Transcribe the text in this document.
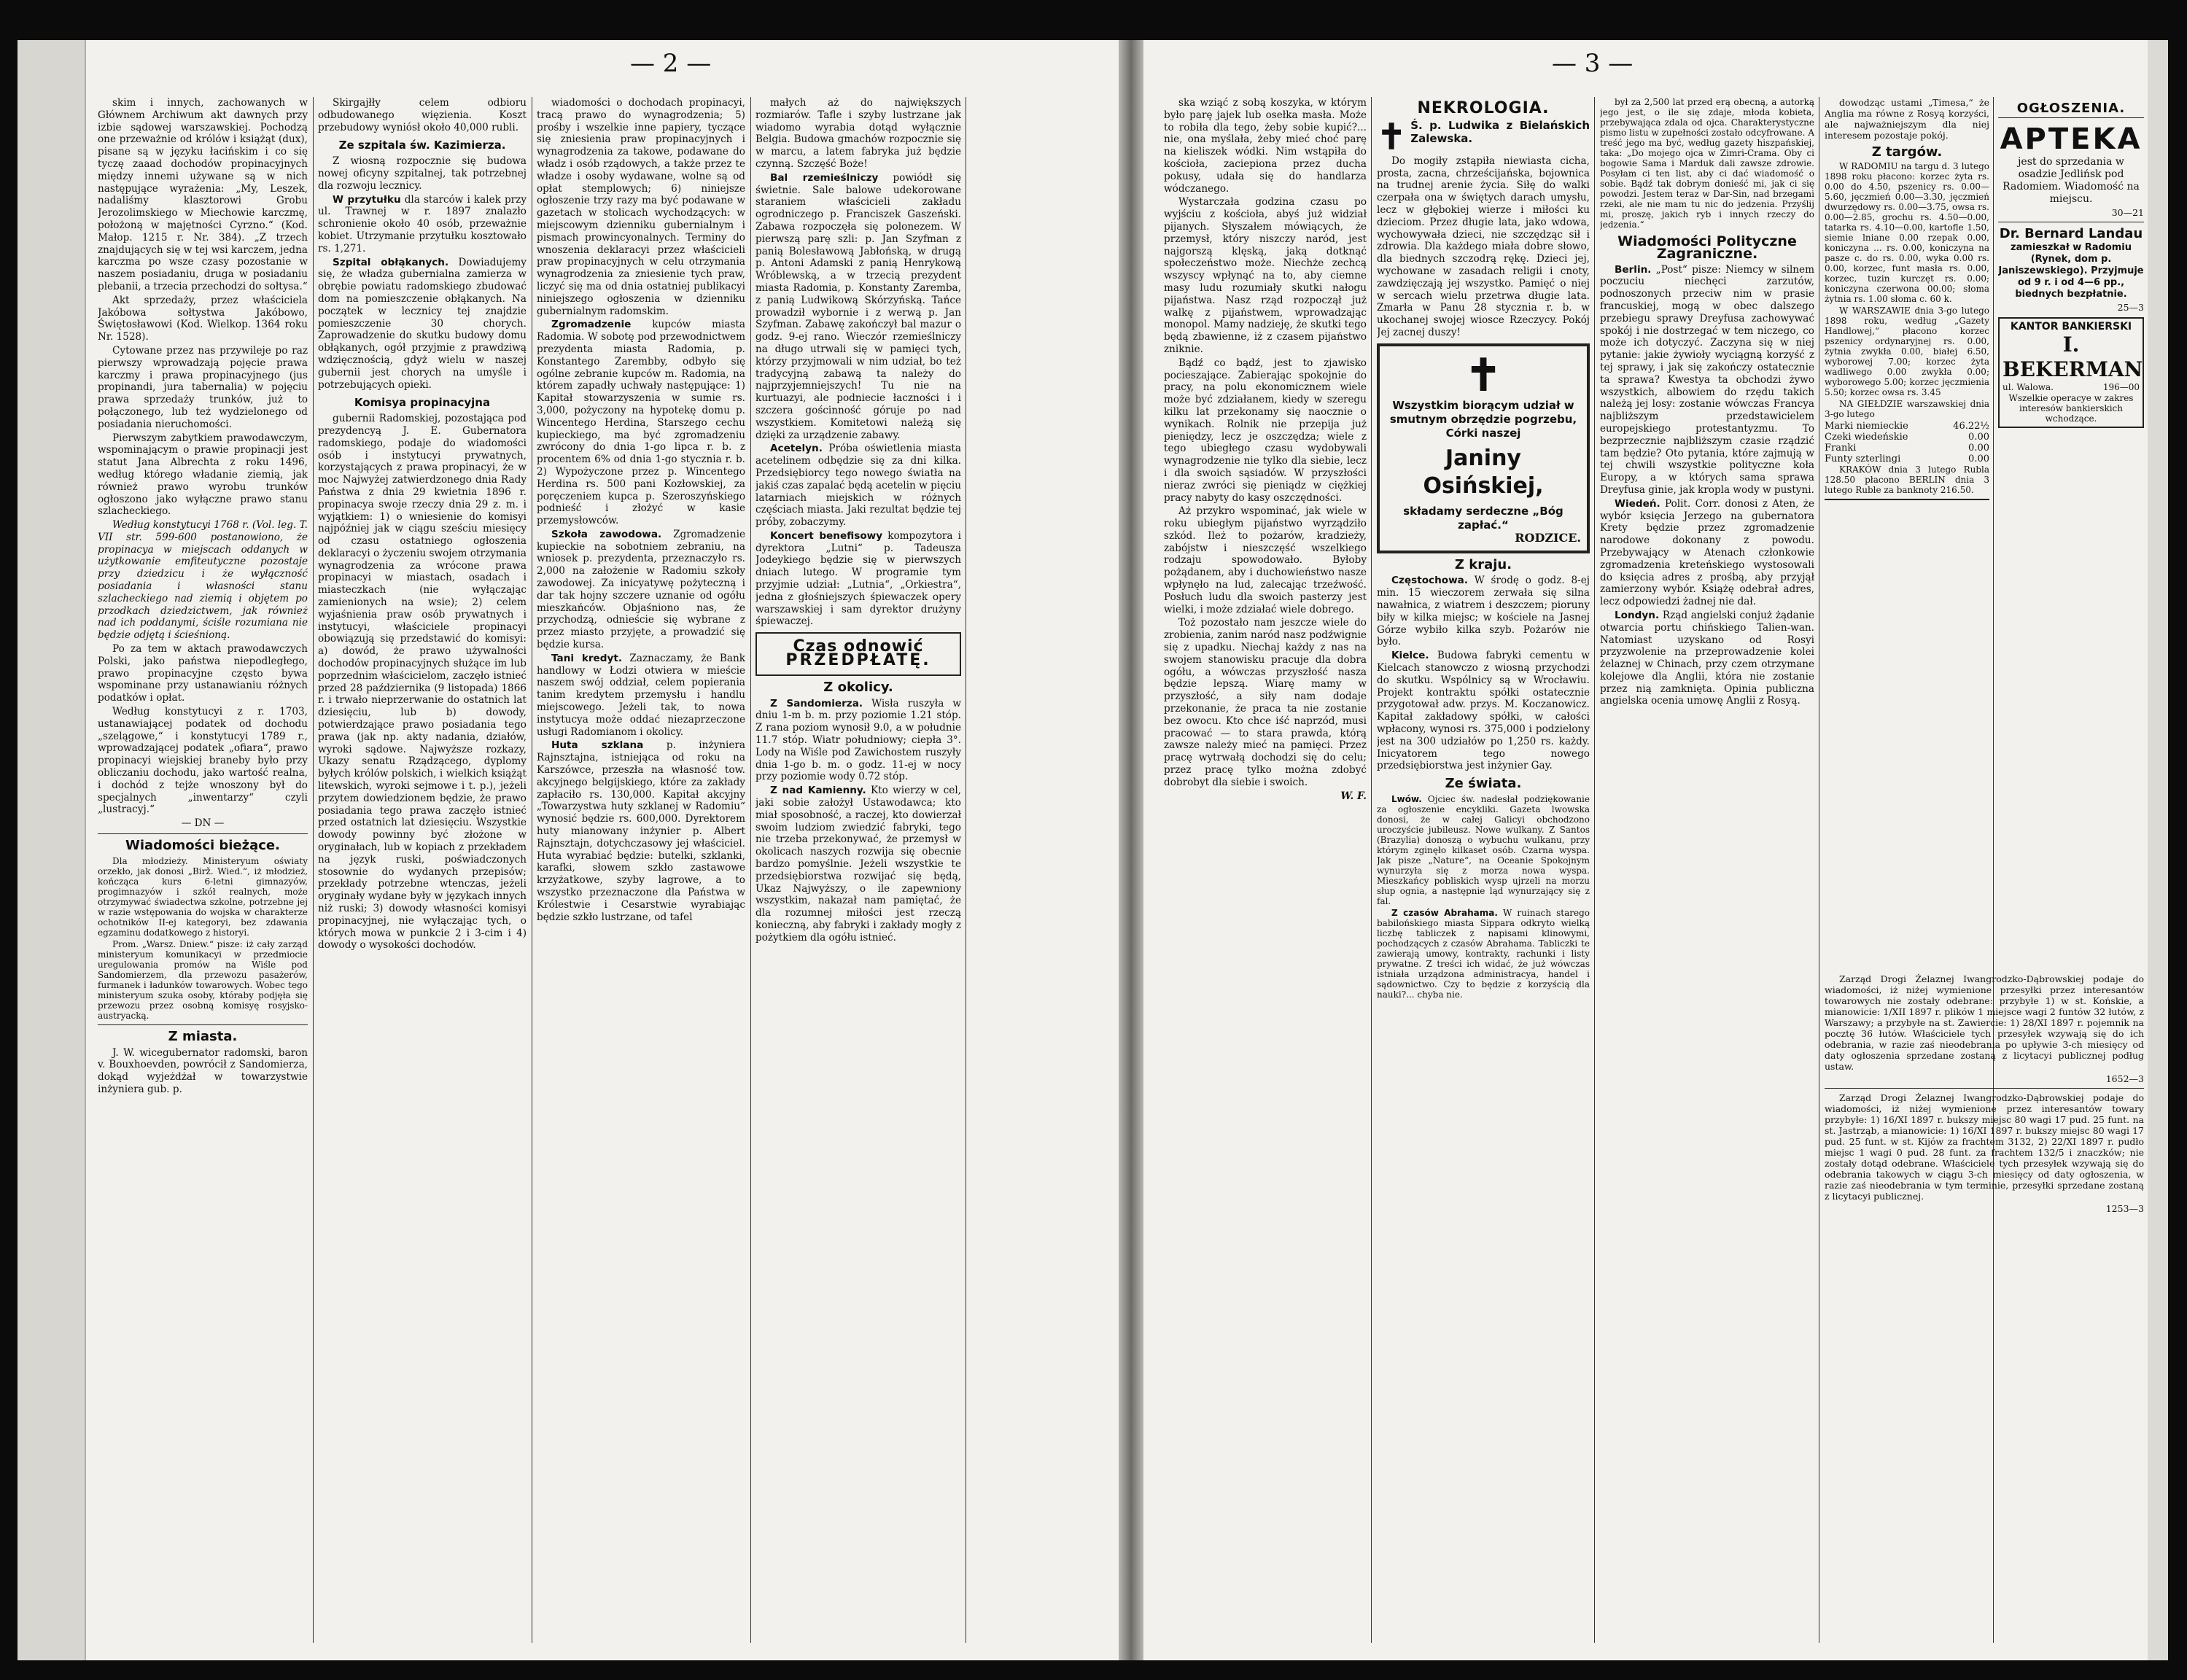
— 2 —

skim i innych, zachowanych w Głównem Archiwum akt dawnych przy izbie sądowej warszawskiej. Pochodzą one przeważnie od królów i książąt (dux), pisane są w języku łacińskim i co się tyczę zaaad dochodów propinacyjnych między innemi używane są w nich następujące wyrażenia: „My, Leszek, nadaliśmy klasztorowi Grobu Jerozolimskiego w Miechowie karczmę, położoną w majętności Cyrzno.“ (Kod. Małop. 1215 r. Nr. 384). „Z trzech znajdujących się w tej wsi karczem, jedna karczma po wsze czasy pozostanie w naszem posiadaniu, druga w posiadaniu plebanii, a trzecia przechodzi do sołtysa.“

Akt sprzedaży, przez właściciela Jakóbowa sołtystwa Jakóbowo, Świętosławowi (Kod. Wielkop. 1364 roku Nr. 1528).

Cytowane przez nas przywileje po raz pierwszy wprowadzają pojęcie prawa karczmy i prawa propinacyjnego (jus propinandi, jura tabernalia) w pojęciu prawa sprzedaży trunków, już to połączonego, lub też wydzielonego od posiadania nieruchomości.

Pierwszym zabytkiem prawodawczym, wspominającym o prawie propinacji jest statut Jana Albrechta z roku 1496, według którego władanie ziemią, jak również prawo wyrobu trunków ogłoszono jako wyłączne prawo stanu szlacheckiego.

Według konstytucyi 1768 r. (Vol. leg. T. VII str. 599-600 postanowiono, że propinacya w miejscach oddanych w użytkowanie emfiteutyczne pozostaje przy dziedzicu i że wyłączność posiadania i własności stanu szlacheckiego nad ziemią i objętem po przodkach dziedzictwem, jak również nad ich poddanymi, ściśle rozumiana nie będzie odjętą i ścieśnioną.

Po za tem w aktach prawodawczych Polski, jako państwa niepodległego, prawo propinacyjne często bywa wspominane przy ustanawianiu różnych podatków i opłat.

Według konstytucyi z r. 1703, ustanawiającej podatek od dochodu „szelągowe,“ i konstytucyi 1789 r., wprowadzającej podatek „ofiara“, prawo propinacyi wiejskiej braneby było przy obliczaniu dochodu, jako wartość realna, i dochód z tejże wnoszony był do specjalnych „inwentarzy“ czyli „lustracyj.“

— DN —

Wiadomości bieżące.

Dla młodzieży. Ministeryum oświaty orzekło, jak donosi „Birž. Wied.“, iż młodzież, kończąca kurs 6-letni gimnazyów, progimnazyów i szkół realnych, może otrzymywać świadectwa szkolne, potrzebne jej w razie wstępowania do wojska w charakterze ochotników II-ej kategoryi, bez zdawania egzaminu dodatkowego z historyi.

Prom. „Warsz. Dniew.“ pisze: iż cały zarząd ministeryum komunikacyi w przedmiocie uregulowania promów na Wiśle pod Sandomierzem, dla przewozu pasażerów, furmanek i ładunków towarowych. Wobec tego ministeryum szuka osoby, któraby podjęła się przewozu przez osobną komisyę rosyjsko-austryacką.

Z miasta.

J. W. wicegubernator radomski, baron v. Bouxhoevden, powrócił z Sandomierza, dokąd wyjeżdżał w towarzystwie inżyniera gub. p.

Skirgajłły celem odbioru odbudowanego więzienia. Koszt przebudowy wyniósł około 40,000 rubli.

Ze szpitala św. Kazimierza.

Z wiosną rozpocznie się budowa nowej oficyny szpitalnej, tak potrzebnej dla rozwoju lecznicy.

W przytułku dla starców i kalek przy ul. Trawnej w r. 1897 znalazło schronienie około 40 osób, przeważnie kobiet. Utrzymanie przytułku kosztowało rs. 1,271.

Szpital obłąkanych. Dowiadujemy się, że władza gubernialna zamierza w obrębie powiatu radomskiego zbudować dom na pomieszczenie obłąkanych. Na początek w lecznicy tej znajdzie pomieszczenie 30 chorych. Zaprowadzenie do skutku budowy domu obłąkanych, ogół przyjmie z prawdziwą wdzięcznością, gdyż wielu w naszej gubernii jest chorych na umyśle i potrzebujących opieki.

Komisya propinacyjna

gubernii Radomskiej, pozostająca pod prezydencyą J. E. Gubernatora radomskiego, podaje do wiadomości osób i instytucyi prywatnych, korzystających z prawa propinacyi, że w moc Najwyżej zatwierdzonego dnia Rady Państwa z dnia 29 kwietnia 1896 r. propinacya swoje rzeczy dnia 29 z. m. i wyjątkiem: 1) o wniesienie do komisyi najpóźniej jak w ciągu sześciu miesięcy od czasu ostatniego ogłoszenia deklaracyi o życzeniu swojem otrzymania wynagrodzenia za wrócone prawa propinacyi w miastach, osadach i miasteczkach (nie wyłączając zamienionych na wsie); 2) celem wyjaśnienia praw osób prywatnych i instytucyi, właściciele propinacyi obowiązują się przedstawić do komisyi: a) dowód, że prawo używalności dochodów propinacyjnych służące im lub poprzednim właścicielom, zaczęło istnieć przed 28 października (9 listopada) 1866 r. i trwało nieprzerwanie do ostatnich lat dziesięciu, lub b) dowody, potwierdzające prawo posiadania tego prawa (jak np. akty nadania, działów, wyroki sądowe. Najwyższe rozkazy, Ukazy senatu Rządzącego, dyplomy byłych królów polskich, i wielkich książąt litewskich, wyroki sejmowe i t. p.), jeżeli przytem dowiedzionem będzie, że prawo posiadania tego prawa zaczęło istnieć przed ostatnich lat dziesięciu. Wszystkie dowody powinny być złożone w oryginałach, lub w kopiach z przekładem na język ruski, poświadczonych stosownie do wydanych przepisów; przekłady potrzebne wtenczas, jeżeli oryginały wydane były w językach innych niż ruski; 3) dowody własności komisyi propinacyjnej, nie wyłączając tych, o których mowa w punkcie 2 i 3-cim i 4) dowody o wysokości dochodów.

wiadomości o dochodach propinacyi, tracą prawo do wynagrodzenia; 5) prośby i wszelkie inne papiery, tyczące się zniesienia praw propinacyjnych i wynagrodzenia za takowe, podawane do władz i osób rządowych, a także przez te władze i osoby wydawane, wolne są od opłat stemplowych; 6) niniejsze ogłoszenie trzy razy ma być podawane w gazetach w stolicach wychodzących: w miejscowym dzienniku gubernialnym i pismach prowincyonalnych. Terminy do wnoszenia deklaracyi przez właścicieli praw propinacyjnych w celu otrzymania wynagrodzenia za zniesienie tych praw, liczyć się ma od dnia ostatniej publikacyi niniejszego ogłoszenia w dzienniku gubernialnym radomskim.

Zgromadzenie kupców miasta Radomia. W sobotę pod przewodnictwem prezydenta miasta Radomia, p. Konstantego Zarembby, odbyło się ogólne zebranie kupców m. Radomia, na którem zapadły uchwały następujące: 1) Kapitał stowarzyszenia w sumie rs. 3,000, pożyczony na hypotekę domu p. Wincentego Herdina, Starszego cechu kupieckiego, ma być zgromadzeniu zwrócony do dnia 1-go lipca r. b. z procentem 6% od dnia 1-go stycznia r. b. 2) Wypożyczone przez p. Wincentego Herdina rs. 500 pani Kozłowskiej, za poręczeniem kupca p. Szeroszyńskiego podnieść i złożyć w kasie przemysłowców.

Szkoła zawodowa. Zgromadzenie kupieckie na sobotniem zebraniu, na wniosek p. prezydenta, przeznaczyło rs. 2,000 na założenie w Radomiu szkoły zawodowej. Za inicyatywę pożyteczną i dar tak hojny szczere uznanie od ogółu mieszkańców. Objaśniono nas, że przychodzą, odnieście się wybrane z przez miasto przyjęte, a prowadzić się będzie kursa.

Tani kredyt. Zaznaczamy, że Bank handlowy w Łodzi otwiera w mieście naszem swój oddział, celem popierania tanim kredytem przemysłu i handlu miejscowego. Jeżeli tak, to nowa instytucya może oddać niezaprzeczone usługi Radomianom i okolicy.

Huta szklana p. inżyniera Rajnsztajna, istniejąca od roku na Karszówce, przeszła na własność tow. akcyjnego belgijskiego, które za zakłady zapłaciło rs. 130,000. Kapitał akcyjny „Towarzystwa huty szklanej w Radomiu“ wynosić będzie rs. 600,000. Dyrektorem huty mianowany inżynier p. Albert Rajnsztajn, dotychczasowy jej właściciel. Huta wyrabiać będzie: butelki, szklanki, karafki, słowem szkło zastawowe krzyżatkowe, szyby lagrowe, a to wszystko przeznaczone dla Państwa w Królestwie i Cesarstwie wyrabiając będzie szkło lustrzane, od tafel

małych aż do największych rozmiarów. Tafle i szyby lustrzane jak wiadomo wyrabia dotąd wyłącznie Belgia. Budowa gmachów rozpocznie się w marcu, a latem fabryka już będzie czynną. Szczęść Boże!

Bal rzemieślniczy powiódł się świetnie. Sale balowe udekorowane staraniem właścicieli zakładu ogrodniczego p. Franciszek Gaszeński. Zabawa rozpoczęła się polonezem. W pierwszą parę szli: p. Jan Szyfman z panią Bolesławową Jabłońską, w drugą p. Antoni Adamski z panią Henrykową Wróblewską, a w trzecią prezydent miasta Radomia, p. Konstanty Zaremba, z panią Ludwikową Skórzyńską. Tańce prowadził wybornie i z werwą p. Jan Szyfman. Zabawę zakończył bal mazur o godz. 9-ej rano. Wieczór rzemieślniczy na długo utrwali się w pamięci tych, którzy przyjmowali w nim udział, bo też tradycyjną zabawą ta należy do najprzyjemniejszych! Tu nie na kurtuazyi, ale podniecie łaczności i i szczera gościnność góruje po nad wszystkiem. Komitetowi należą się dzięki za urządzenie zabawy.

Acetelyn. Próba oświetlenia miasta acetelinem odbędzie się za dni kilka. Przedsiębiorcy tego nowego światła na jakiś czas zapalać będą acetelin w pięciu latarniach miejskich w różnych częściach miasta. Jaki rezultat będzie tej próby, zobaczymy.

Koncert benefisowy kompozytora i dyrektora „Lutni“ p. Tadeusza Jodeykiego będzie się w pierwszych dniach lutego. W programie tym przyjmie udział: „Lutnia“, „Orkiestra“, jedna z głośniejszych śpiewaczek opery warszawskiej i sam dyrektor drużyny śpiewaczej.

Czas odnowić
PRZEDPŁATĘ.
Z okolicy.

Z Sandomierza. Wisła ruszyła w dniu 1-m b. m. przy poziomie 1.21 stóp. Z rana poziom wynosił 9.0, a w południe 11.7 stóp. Wiatr południowy; ciepła 3°. Lody na Wiśle pod Zawichostem ruszyły dnia 1-go b. m. o godz. 11-ej w nocy przy poziomie wody 0.72 stóp.

Z nad Kamienny. Kto wierzy w cel, jaki sobie założył Ustawodawca; kto miał sposobność, a raczej, kto dowierzał swoim ludziom zwiedzić fabryki, tego nie trzeba przekonywać, że przemysł w okolicach naszych rozwija się obecnie bardzo pomyślnie. Jeżeli wszystkie te przedsiębiorstwa rozwijać się będą, Ukaz Najwyższy, o ile zapewniony wszystkim, nakazał nam pamiętać, że dla rozumnej miłości jest rzeczą konieczną, aby fabryki i zakłady mogły z pożytkiem dla ogółu istnieć.

— 3 —

ska wziąć z sobą koszyka, w którym było parę jajek lub osełka masła. Może to robiła dla tego, żeby sobie kupić?... nie, ona myślała, żeby mieć choć parę na kieliszek wódki. Nim wstąpiła do kościoła, zaciepiona przez ducha pokusy, udała się do handlarza wódczanego.

Wystarczała godzina czasu po wyjściu z kościoła, abyś już widział pijanych. Słyszałem mówiących, że przemysł, który niszczy naród, jest najgorszą klęską, jaką dotknąć społeczeństwo może. Niechże zechcą wszyscy wpłynąć na to, aby ciemne masy ludu rozumiały skutki nałogu pijaństwa. Nasz rząd rozpoczął już walkę z pijaństwem, wprowadzając monopol. Mamy nadzieję, że skutki tego będą zbawienne, iż z czasem pijaństwo zniknie.

Bądź co bądź, jest to zjawisko pocieszające. Zabierając spokojnie do pracy, na polu ekonomicznem wiele może być zdziałanem, kiedy w szeregu kilku lat przekonamy się naocznie o wynikach. Rolnik nie przepija już pieniędzy, lecz je oszczędza; wiele z tego ubiegłego czasu wydobywali wynagrodzenie nie tylko dla siebie, lecz i dla swoich sąsiadów. W przyszłości nieraz zwróci się pieniądz w ciężkiej pracy nabyty do kasy oszczędności.

Aż przykro wspominać, jak wiele w roku ubiegłym pijaństwo wyrządziło szkód. Ileż to pożarów, kradzieży, zabójstw i nieszczęść wszelkiego rodzaju spowodowało. Byłoby pożądanem, aby i duchowieństwo nasze wpłynęło na lud, zalecając trzeźwość. Posłuch ludu dla swoich pasterzy jest wielki, i może zdziałać wiele dobrego.

Toż pozostało nam jeszcze wiele do zrobienia, zanim naród nasz podźwignie się z upadku. Niechaj każdy z nas na swojem stanowisku pracuje dla dobra ogółu, a wówczas przyszłość nasza będzie lepszą. Wiarę mamy w przyszłość, a siły nam dodaje przekonanie, że praca ta nie zostanie bez owocu. Kto chce iść naprzód, musi pracować — to stara prawda, którą zawsze należy mieć na pamięci. Przez pracę wytrwałą dochodzi się do celu; przez pracę tylko można zdobyć dobrobyt dla siebie i swoich.

W. F.

NEKROLOGIA.
✝ Ś. p. Ludwika z Bielańskich Zalewska.

Do mogiły zstąpiła niewiasta cicha, prosta, zacna, chrześcijańska, bojownica na trudnej arenie życia. Siłę do walki czerpała ona w świętych darach umysłu, lecz w głębokiej wierze i miłości ku dzieciom. Przez długie lata, jako wdowa, wychowywała dzieci, nie szczędząc sił i zdrowia. Dla każdego miała dobre słowo, dla biednych szczodrą rękę. Dzieci jej, wychowane w zasadach religii i cnoty, zawdzięczają jej wszystko. Pamięć o niej w sercach wielu przetrwa długie lata. Zmarła w Panu 28 stycznia r. b. w ukochanej swojej wiosce Rzeczycy. Pokój Jej zacnej duszy!

✝
Wszystkim biorącym udział w smutnym obrzędzie pogrzebu, Córki naszej
Janiny Osińskiej,
składamy serdeczne „Bóg zapłać.“
RODZICE.
Z kraju.

Częstochowa. W środę o godz. 8-ej min. 15 wieczorem zerwała się silna nawałnica, z wiatrem i deszczem; pioruny biły w kilka miejsc; w kościele na Jasnej Górze wybiło kilka szyb. Pożarów nie było.

Kielce. Budowa fabryki cementu w Kielcach stanowczo z wiosną przychodzi do skutku. Wspólnicy są w Wrocławiu. Projekt kontraktu spółki ostatecznie przygotował adw. przys. M. Koczanowicz. Kapitał zakładowy spółki, w całości wpłacony, wynosi rs. 375,000 i podzielony jest na 300 udziałów po 1,250 rs. każdy. Inicyatorem tego nowego przedsiębiorstwa jest inżynier Gay.

Ze świata.

Lwów. Ojciec św. nadesłał podziękowanie za ogłoszenie encykliki. Gazeta lwowska donosi, że w całej Galicyi obchodzono uroczyście jubileusz. Nowe wulkany. Z Santos (Brazylia) donoszą o wybuchu wulkanu, przy którym zginęło kilkaset osób. Czarna wyspa. Jak pisze „Nature“, na Oceanie Spokojnym wynurzyła się z morza nowa wyspa. Mieszkańcy pobliskich wysp ujrzeli na morzu słup ognia, a następnie ląd wynurzający się z fal.

Z czasów Abrahama. W ruinach starego babilońskiego miasta Sippara odkryto wielką liczbę tabliczek z napisami klinowymi, pochodzących z czasów Abrahama. Tabliczki te zawierają umowy, kontrakty, rachunki i listy prywatne. Z treści ich widać, że już wówczas istniała urządzona administracya, handel i sądownictwo. Czy to będzie z korzyścią dla nauki?... chyba nie.

był za 2,500 lat przed erą obecną, a autorką jego jest, o ile się zdaje, młoda kobieta, przebywająca zdala od ojca. Charakterystyczne pismo listu w zupełności zostało odcyfrowane. A treść jego ma być, według gazety hiszpańskiej, taka: „Do mojego ojca w Zimri-Crama. Oby ci bogowie Sama i Marduk dali zawsze zdrowie. Posyłam ci ten list, aby ci dać wiadomość o sobie. Bądź tak dobrym donieść mi, jak ci się powodzi. Jestem teraz w Dar-Sin, nad brzegami rzeki, ale nie mam tu nic do jedzenia. Przyślij mi, proszę, jakich ryb i innych rzeczy do jedzenia.“

Wiadomości Polityczne Zagraniczne.

Berlin. „Post“ pisze: Niemcy w silnem poczuciu niechęci zarzutów, podnoszonych przeciw nim w prasie francuskiej, mogą w obec dalszego przebiegu sprawy Dreyfusa zachowywać spokój i nie dostrzegać w tem niczego, co może ich dotyczyć. Zaczyna się w niej pytanie: jakie żywioły wyciągną korzyść z tej sprawy, i jak się zakończy ostatecznie ta sprawa? Kwestya ta obchodzi żywo wszystkich, albowiem do rzędu takich należą jej losy: zostanie wówczas Francya najbliższym przedstawicielem europejskiego protestantyzmu. To bezprzecznie najbliższym czasie rządzić tam będzie? Oto pytania, które zajmują w tej chwili wszystkie polityczne koła Europy, a w których sama sprawa Dreyfusa ginie, jak kropla wody w pustyni.

Wiedeń. Polit. Corr. donosi z Aten, że wybór księcia Jerzego na gubernatora Krety będzie przez zgromadzenie narodowe dokonany z powodu. Przebywający w Atenach członkowie zgromadzenia kreteńskiego wystosowali do księcia adres z prośbą, aby przyjął zamierzony wybór. Książę odebrał adres, lecz odpowiedzi żadnej nie dał.

Londyn. Rząd angielski conjuż żądanie otwarcia portu chińskiego Talien-wan. Natomiast uzyskano od Rosyi przyzwolenie na przeprowadzenie kolei żelaznej w Chinach, przy czem otrzymane kolejowe dla Anglii, która nie zostanie przez nią zamknięta. Opinia publiczna angielska ocenia umowę Anglii z Rosyą.

dowodząc ustami „Timesa,“ że Anglia ma równe z Rosyą korzyści, ale najważniejszym dla niej interesem pozostaje pokój.

Z targów.

W RADOMIU na targu d. 3 lutego 1898 roku płacono: korzec żyta rs. 0.00 do 4.50, pszenicy rs. 0.00—5.60, jęczmień 0.00—3.30, jęczmień dwurzędowy rs. 0.00—3.75, owsa rs. 0.00—2.85, grochu rs. 4.50—0.00, tatarka rs. 4.10—0.00, kartofle 1.50, siemie lniane 0.00 rzepak 0.00, koniczyna ... rs. 0.00, koniczyna na pasze c. do rs. 0.00, wyka 0.00 rs. 0.00, korzec, funt masła rs. 0.00, korzec, tuzin kurczęt rs. 0.00; koniczyna czerwona 00.00; słoma żytnia rs. 1.00 słoma c. 60 k.

W WARSZAWIE dnia 3-go lutego 1898 roku, według „Gazety Handlowej,“ płacono korzec pszenicy ordynaryjnej rs. 0.00, żytnia zwykła 0.00, białej 6.50, wyborowej 7.00; korzec żyta wadliwego 0.00 zwykła 0.00; wyborowego 5.00; korzec jęczmienia 5.50; korzec owsa rs. 3.45

NA GIEŁDZIE warszawskiej dnia 3-go lutego

Marki niemieckie	46.22½
Czeki wiedeńskie	0.00
Franki	0.00
Funty szterlingi	0.00

KRAKÓW dnia 3 lutego Rubla 128.50 płacono BERLIN dnia 3 lutego Ruble za banknoty 216.50.

OGŁOSZENIA.
APTEKA

jest do sprzedania w osadzie Jedlińsk pod Radomiem. Wiadomość na miejscu.

30—21

Dr. Bernard Landau

zamieszkał w Radomiu (Rynek, dom p. Janiszewskiego). Przyjmuje od 9 r. i od 4—6 pp., biednych bezpłatnie.

25—3

KANTOR BANKIERSKI
I. BEKERMAN
ul. Walowa.	196—00
Wszelkie operacye w zakres interesów bankierskich wchodzące.

Zarząd Drogi Żelaznej Iwangrodzko-Dąbrowskiej podaje do wiadomości, iż niżej wymienione przesyłki przez interesantów towarowych nie zostały odebrane: przybyłe 1) w st. Końskie, a mianowicie: 1/XII 1897 r. plików 1 miejsce wagi 2 funtów 32 łutów, z Warszawy; a przybyłe na st. Zawiercie: 1) 28/XI 1897 r. pojemnik na pocztę 36 łutów. Właściciele tych przesyłek wzywają się do ich odebrania, w razie zaś nieodebrania po upływie 3-ch miesięcy od daty ogłoszenia sprzedane zostaną z licytacyi publicznej podług ustaw.

1652—3

Zarząd Drogi Żelaznej Iwangrodzko-Dąbrowskiej podaje do wiadomości, iż niżej wymienione przez interesantów towary przybyłe: 1) 16/XI 1897 r. bukszy miejsc 80 wagi 17 pud. 25 funt. na st. Jastrząb, a mianowicie: 1) 16/XI 1897 r. bukszy miejsc 80 wagi 17 pud. 25 funt. w st. Kijów za frachtem 3132, 2) 22/XI 1897 r. pudło miejsc 1 wagi 0 pud. 28 funt. za frachtem 132/5 i znaczków; nie zostały dotąd odebrane. Właściciele tych przesyłek wzywają się do odebrania takowych w ciągu 3-ch miesięcy od daty ogłoszenia, w razie zaś nieodebrania w tym terminie, przesyłki sprzedane zostaną z licytacyi publicznej.

1253—3
